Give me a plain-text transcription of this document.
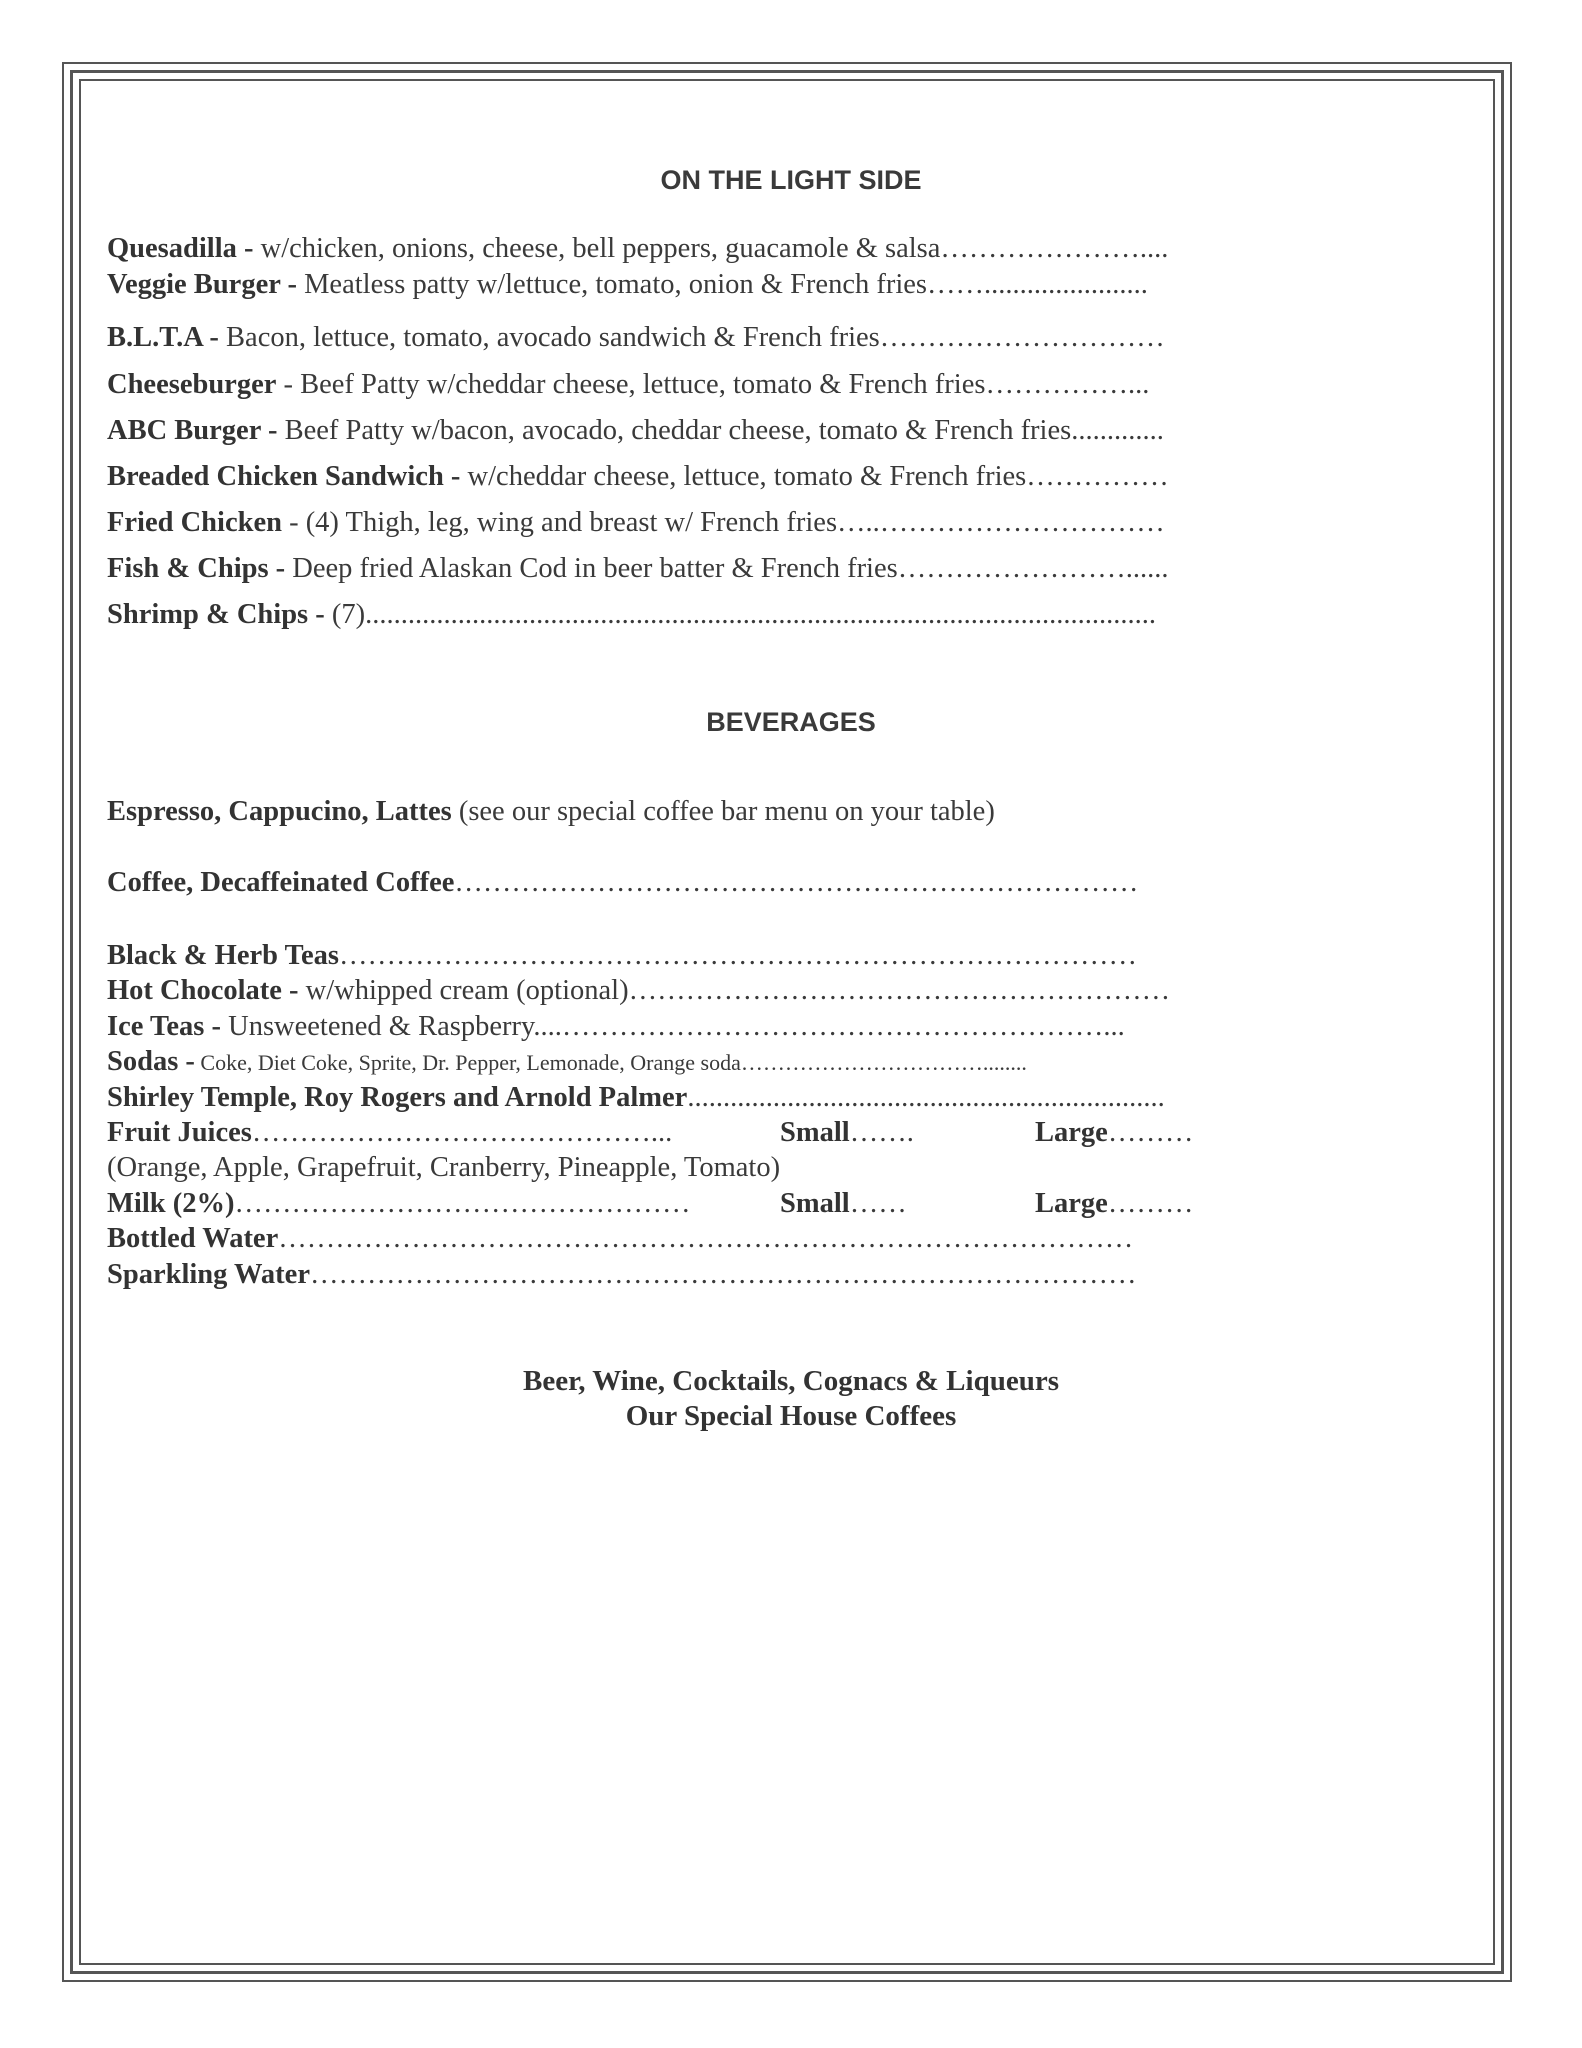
ON THE LIGHT SIDE
Quesadilla - w/chicken, onions, cheese, bell peppers, guacamole & salsa…………………....
Veggie Burger - Meatless patty w/lettuce, tomato, onion & French fries…….......................
B.L.T.A - Bacon, lettuce, tomato, avocado sandwich & French fries…………………………
Cheeseburger - Beef Patty w/cheddar cheese, lettuce, tomato & French fries……………...
ABC Burger - Beef Patty w/bacon, avocado, cheddar cheese, tomato & French fries.............
Breaded Chicken Sandwich - w/cheddar cheese, lettuce, tomato & French fries……………
Fried Chicken - (4) Thigh, leg, wing and breast w/ French fries…..…………………………
Fish & Chips - Deep fried Alaskan Cod in beer batter & French fries……………………......
Shrimp & Chips - (7)...............................................................................................................
BEVERAGES
Espresso, Cappucino, Lattes (see our special coffee bar menu on your table)
Coffee, Decaffeinated Coffee………………………………………………………………
Black & Herb Teas…………………………………………………………………………
Hot Chocolate - w/whipped cream (optional)…………………………………………………
Ice Teas - Unsweetened & Raspberry....…………………………………………………...
Sodas - Coke, Diet Coke, Sprite, Dr. Pepper, Lemonade, Orange soda……………………………........
Shirley Temple, Roy Rogers and Arnold Palmer...................................................................
Fruit Juices……………………………………...	Small…….	Large………
(Orange, Apple, Grapefruit, Cranberry, Pineapple, Tomato)
Milk (2%)…………………………………………	Small……	Large………
Bottled Water………………………………………………………………………………
Sparkling Water……………………………………………………………………………
Beer, Wine, Cocktails, Cognacs & Liqueurs
Our Special House Coffees
